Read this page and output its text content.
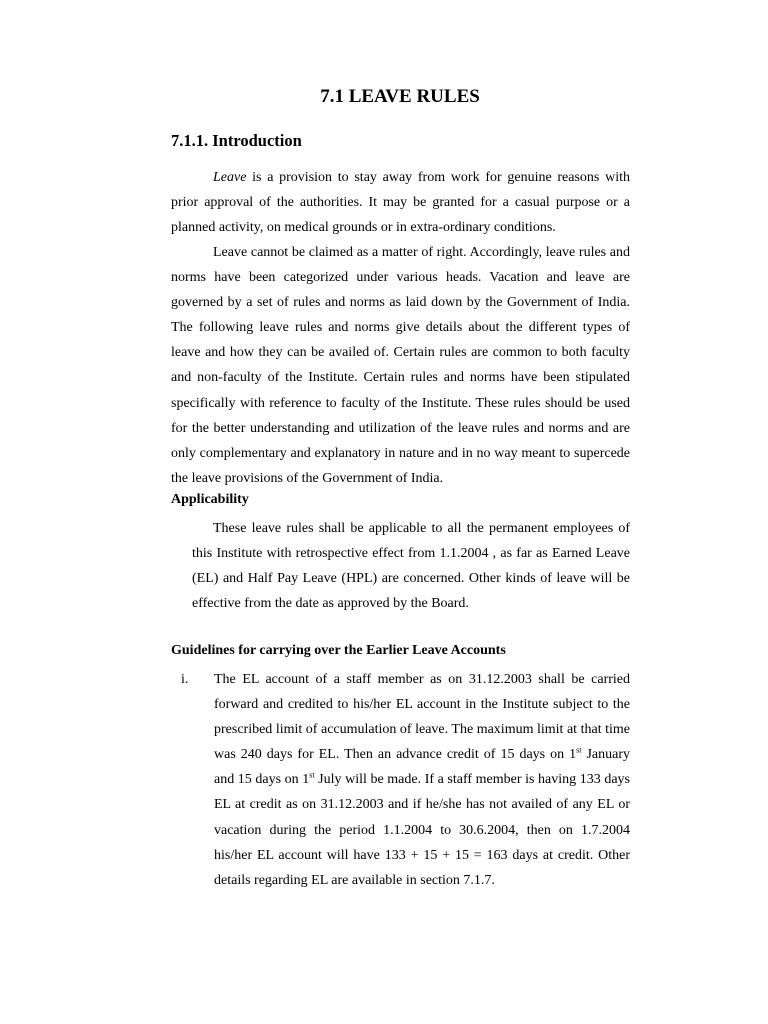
7.1 LEAVE RULES
7.1.1. Introduction

Leave is a provision to stay away from work for genuine reasons with prior approval of the authorities. It may be granted for a casual purpose or a planned activity, on medical grounds or in extra-ordinary conditions.

Leave cannot be claimed as a matter of right. Accordingly, leave rules and norms have been categorized under various heads. Vacation and leave are governed by a set of rules and norms as laid down by the Government of India. The following leave rules and norms give details about the different types of leave and how they can be availed of. Certain rules are common to both faculty and non-faculty of the Institute. Certain rules and norms have been stipulated specifically with reference to faculty of the Institute. These rules should be used for the better understanding and utilization of the leave rules and norms and are only complementary and explanatory in nature and in no way meant to supercede the leave provisions of the Government of India.

Applicability

These leave rules shall be applicable to all the permanent employees of this Institute with retrospective effect from 1.1.2004 , as far as Earned Leave (EL) and Half Pay Leave (HPL) are concerned. Other kinds of leave will be effective from the date as approved by the Board.

Guidelines for carrying over the Earlier Leave Accounts
i. The EL account of a staff member as on 31.12.2003 shall be carried forward and credited to his/her EL account in the Institute subject to the prescribed limit of accumulation of leave. The maximum limit at that time was 240 days for EL. Then an advance credit of 15 days on 1st January and 15 days on 1st July will be made. If a staff member is having 133 days EL at credit as on 31.12.2003 and if he/she has not availed of any EL or vacation during the period 1.1.2004 to 30.6.2004, then on 1.7.2004 his/her EL account will have 133 + 15 + 15 = 163 days at credit. Other details regarding EL are available in section 7.1.7.
